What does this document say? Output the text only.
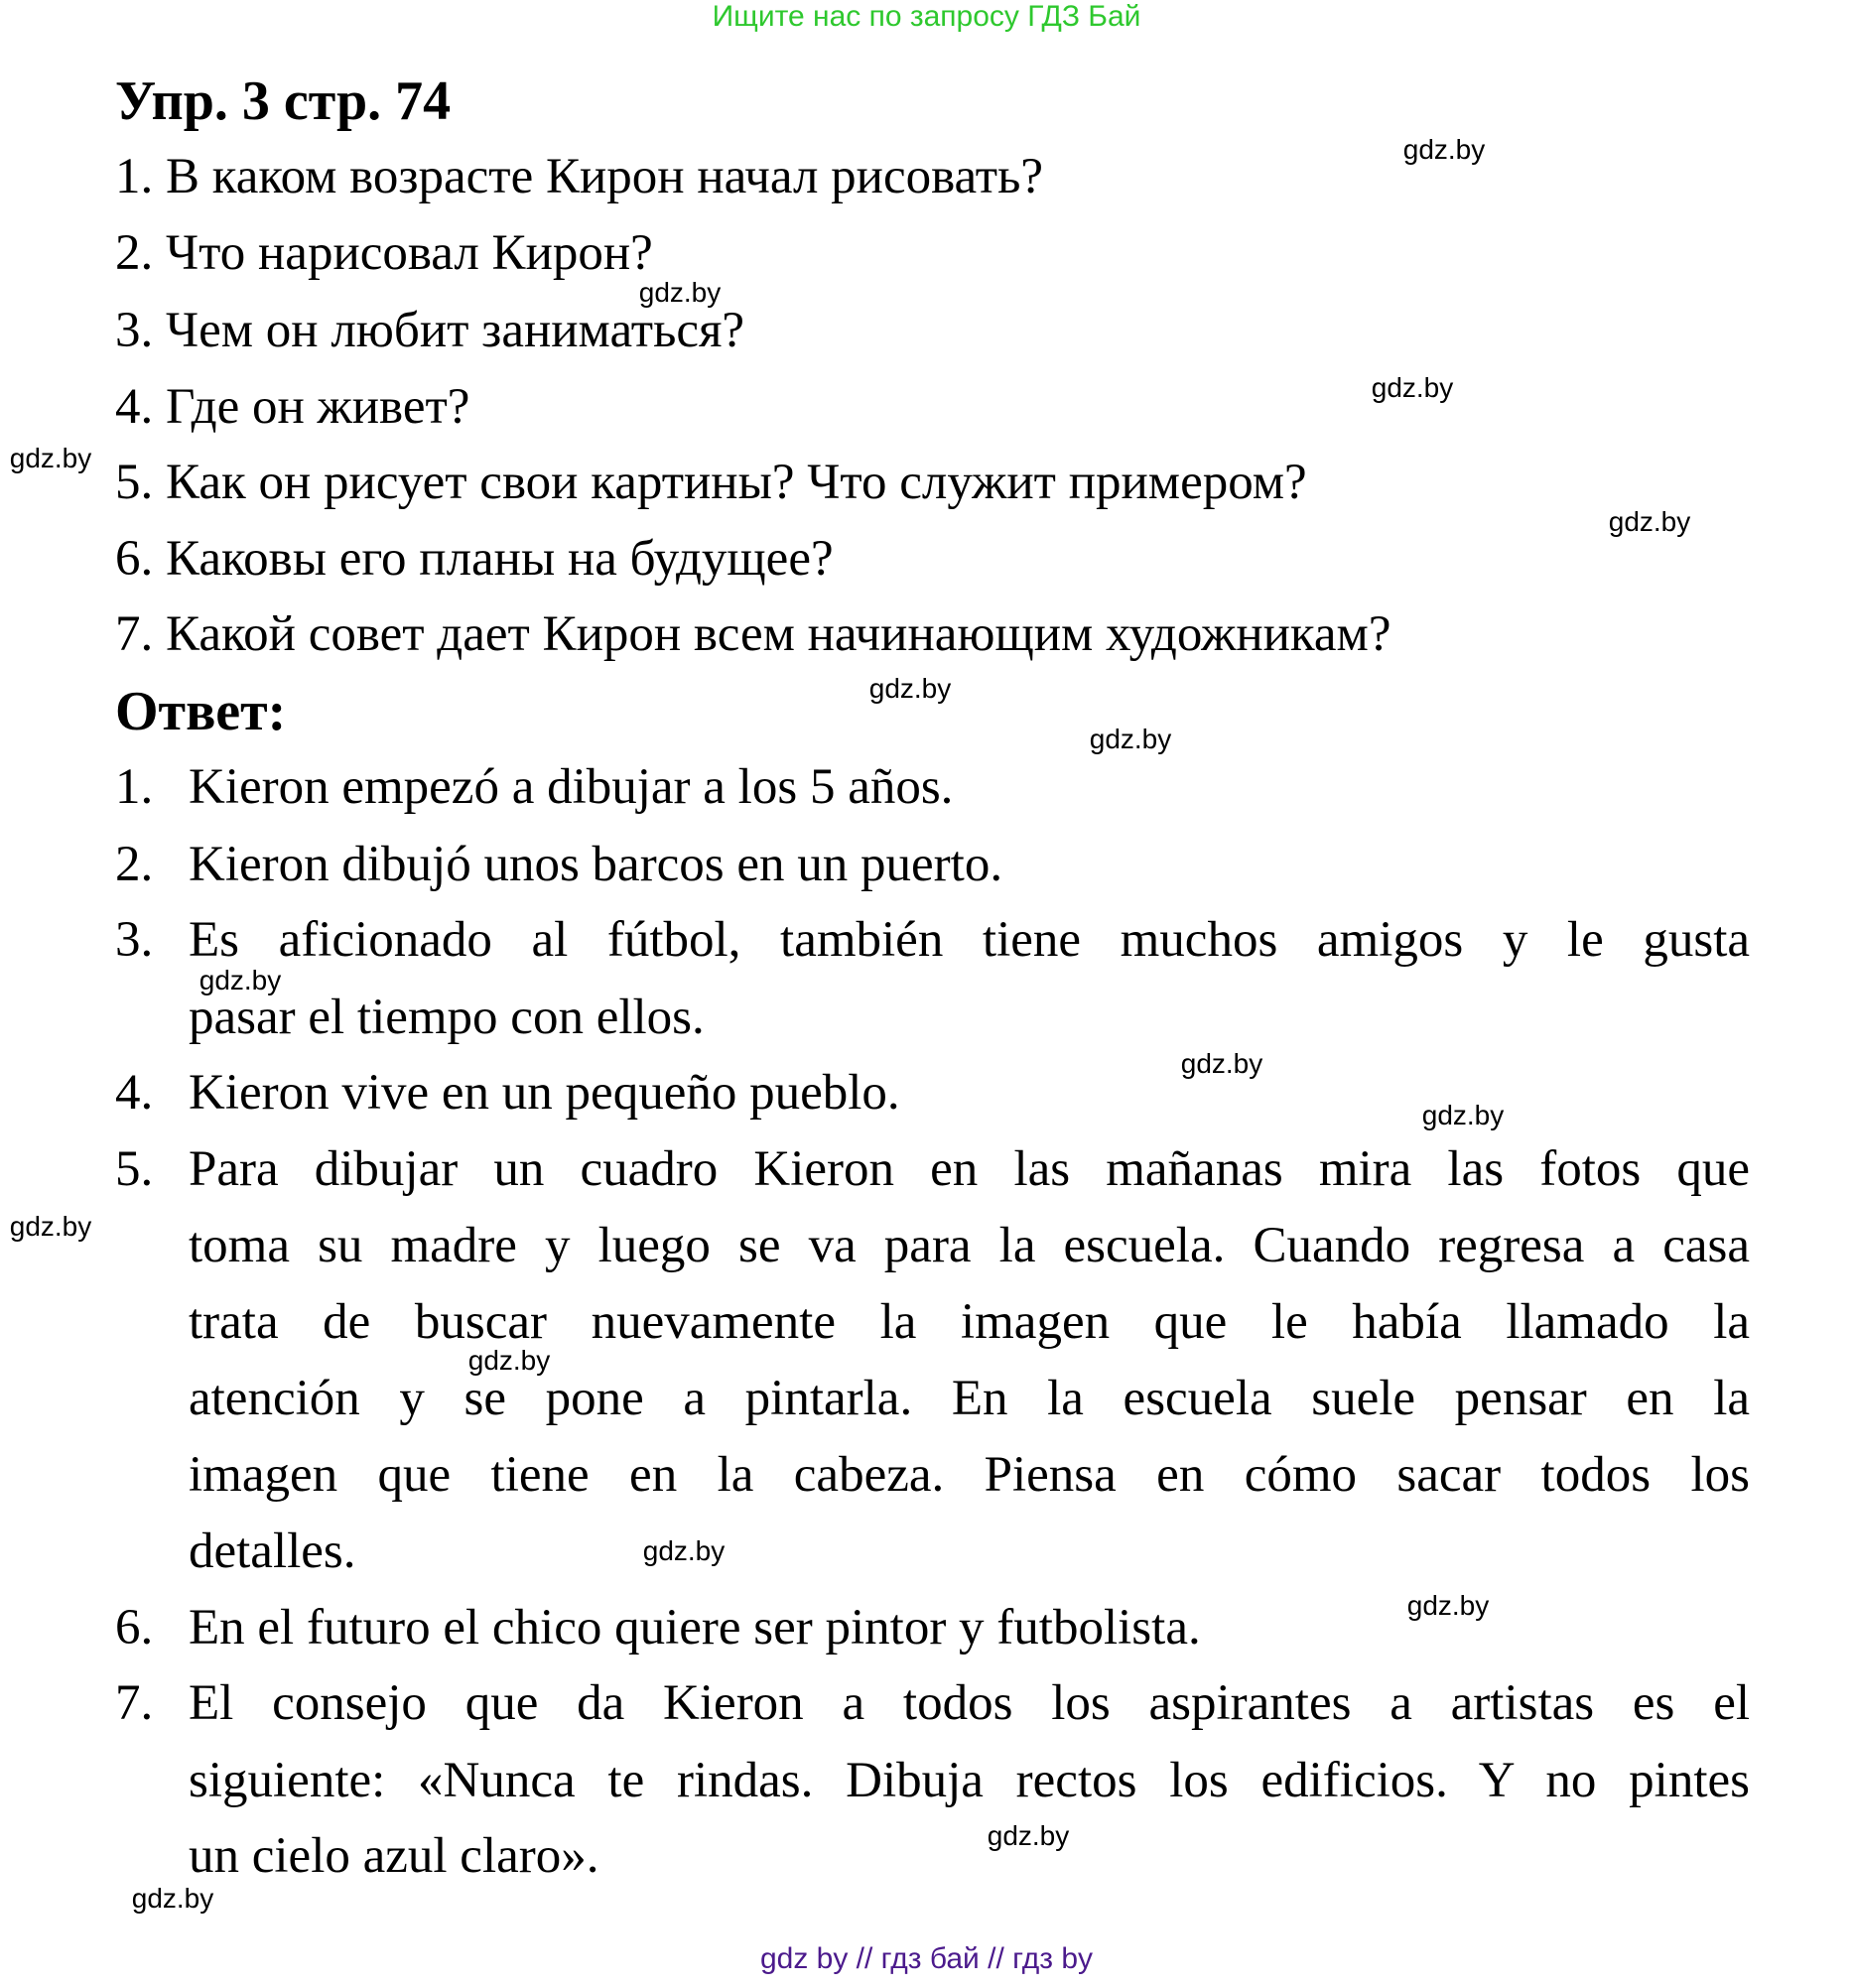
Ищите нас по запросу ГДЗ Бай
Упр. 3 стр. 74
1. В каком возрасте Кирон начал рисовать?
2. Что нарисовал Кирон?
3. Чем он любит заниматься?
4. Где он живет?
5. Как он рисует свои картины? Что служит примером?
6. Каковы его планы на будущее?
7. Какой совет дает Кирон всем начинающим художникам?
Ответ:
1. Kieron empezó a dibujar a los 5 años.
2. Kieron dibujó unos barcos en un puerto.
3. Es aficionado al fútbol, también tiene muchos amigos y le gusta
pasar el tiempo con ellos.
4. Kieron vive en un pequeño pueblo.
5. Para dibujar un cuadro Kieron en las mañanas mira las fotos que
toma su madre y luego se va para la escuela. Cuando regresa a casa
trata de buscar nuevamente la imagen que le había llamado la
atención y se pone a pintarla. En la escuela suele pensar en la
imagen que tiene en la cabeza. Piensa en cómo sacar todos los
detalles.
6. En el futuro el chico quiere ser pintor y futbolista.
7. El consejo que da Kieron a todos los aspirantes a artistas es el
siguiente: «Nunca te rindas. Dibuja rectos los edificios. Y no pintes
un cielo azul claro».
gdz.by
gdz.by
gdz.by
gdz.by
gdz.by
gdz.by
gdz.by
gdz.by
gdz.by
gdz.by
gdz.by
gdz.by
gdz.by
gdz.by
gdz.by
gdz.by
gdz by // гдз бай // гдз by
